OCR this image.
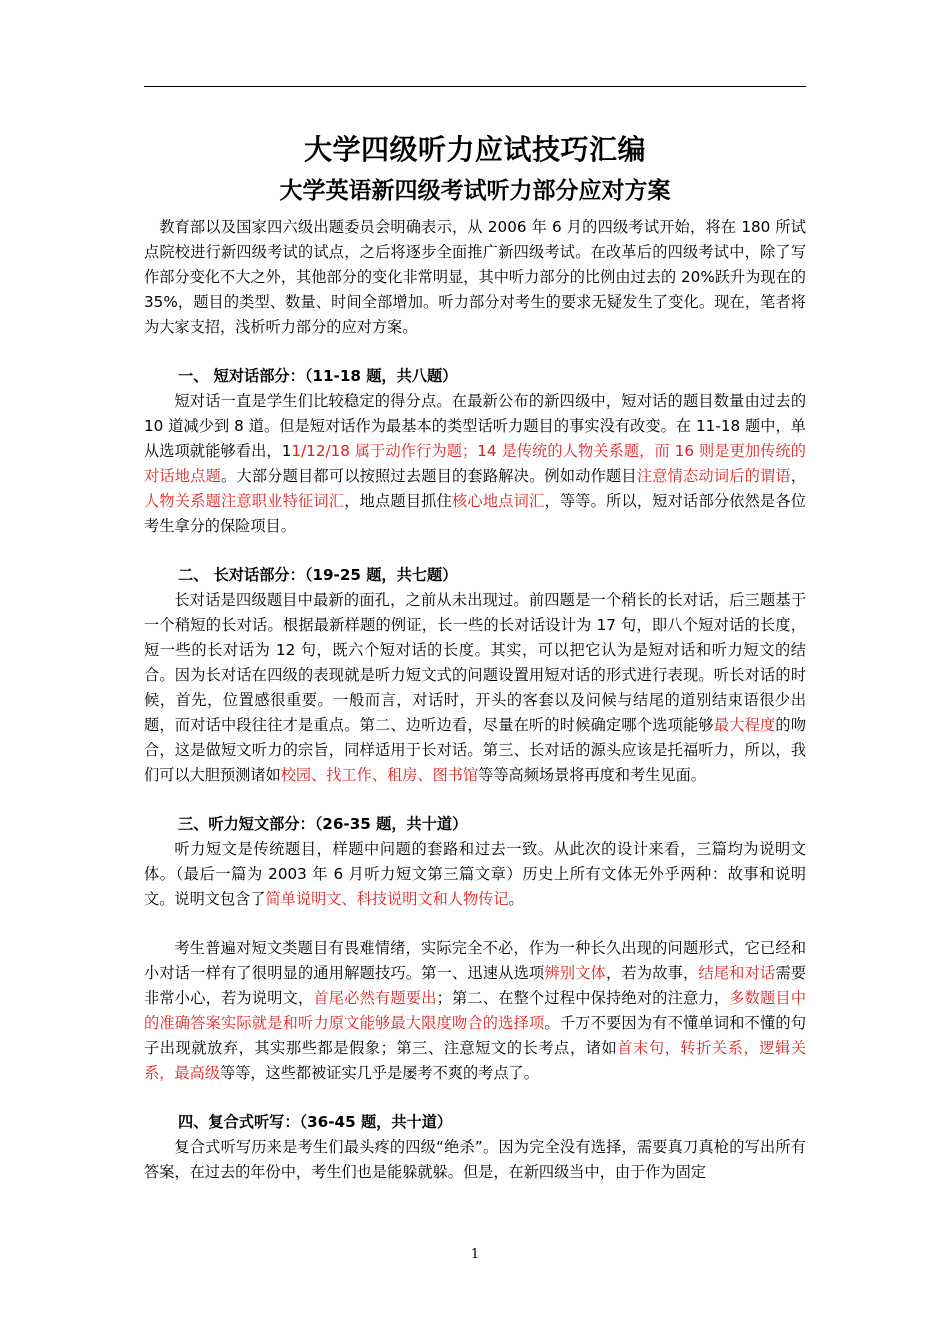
大学四级听力应试技巧汇编
大学英语新四级考试听力部分应对方案

教育部以及国家四六级出题委员会明确表示，从 2006 年 6 月的四级考试开始，将在 180 所试点院校进行新四级考试的试点，之后将逐步全面推广新四级考试。在改革后的四级考试中，除了写作部分变化不大之外，其他部分的变化非常明显，其中听力部分的比例由过去的 20%跃升为现在的 35%，题目的类型、数量、时间全部增加。听力部分对考生的要求无疑发生了变化。现在，笔者将为大家支招，浅析听力部分的应对方案。

一、 短对话部分：（11-18 题，共八题）

短对话一直是学生们比较稳定的得分点。在最新公布的新四级中，短对话的题目数量由过去的 10 道减少到 8 道。但是短对话作为最基本的类型话听力题目的事实没有改变。在 11-18 题中，单从选项就能够看出，11/12/18 属于动作行为题；14 是传统的人物关系题，而 16 则是更加传统的对话地点题。大部分题目都可以按照过去题目的套路解决。例如动作题目注意情态动词后的谓语，人物关系题注意职业特征词汇，地点题目抓住核心地点词汇，等等。所以，短对话部分依然是各位考生拿分的保险项目。

二、 长对话部分：（19-25 题，共七题）

长对话是四级题目中最新的面孔，之前从未出现过。前四题是一个稍长的长对话，后三题基于一个稍短的长对话。根据最新样题的例证，长一些的长对话设计为 17 句，即八个短对话的长度，短一些的长对话为 12 句，既六个短对话的长度。其实，可以把它认为是短对话和听力短文的结合。因为长对话在四级的表现就是听力短文式的问题设置用短对话的形式进行表现。听长对话的时候，首先，位置感很重要。一般而言，对话时，开头的客套以及问候与结尾的道别结束语很少出题，而对话中段往往才是重点。第二、边听边看，尽量在听的时候确定哪个选项能够最大程度的吻合，这是做短文听力的宗旨，同样适用于长对话。第三、长对话的源头应该是托福听力，所以，我们可以大胆预测诸如校园、找工作、租房、图书馆等等高频场景将再度和考生见面。

三、听力短文部分：（26-35 题，共十道）

听力短文是传统题目，样题中问题的套路和过去一致。从此次的设计来看，三篇均为说明文体。（最后一篇为 2003 年 6 月听力短文第三篇文章）历史上所有文体无外乎两种：故事和说明文。说明文包含了简单说明文、科技说明文和人物传记。

考生普遍对短文类题目有畏难情绪，实际完全不必，作为一种长久出现的问题形式，它已经和小对话一样有了很明显的通用解题技巧。第一、迅速从选项辨别文体，若为故事，结尾和对话需要非常小心，若为说明文，首尾必然有题要出；第二、在整个过程中保持绝对的注意力，多数题目中的准确答案实际就是和听力原文能够最大限度吻合的选择项。千万不要因为有不懂单词和不懂的句子出现就放弃，其实那些都是假象；第三、注意短文的长考点，诸如首末句，转折关系，逻辑关系，最高级等等，这些都被证实几乎是屡考不爽的考点了。

四、复合式听写：（36-45 题，共十道）

复合式听写历来是考生们最头疼的四级“绝杀”。因为完全没有选择，需要真刀真枪的写出所有答案，在过去的年份中，考生们也是能躲就躲。但是，在新四级当中，由于作为固定

1
